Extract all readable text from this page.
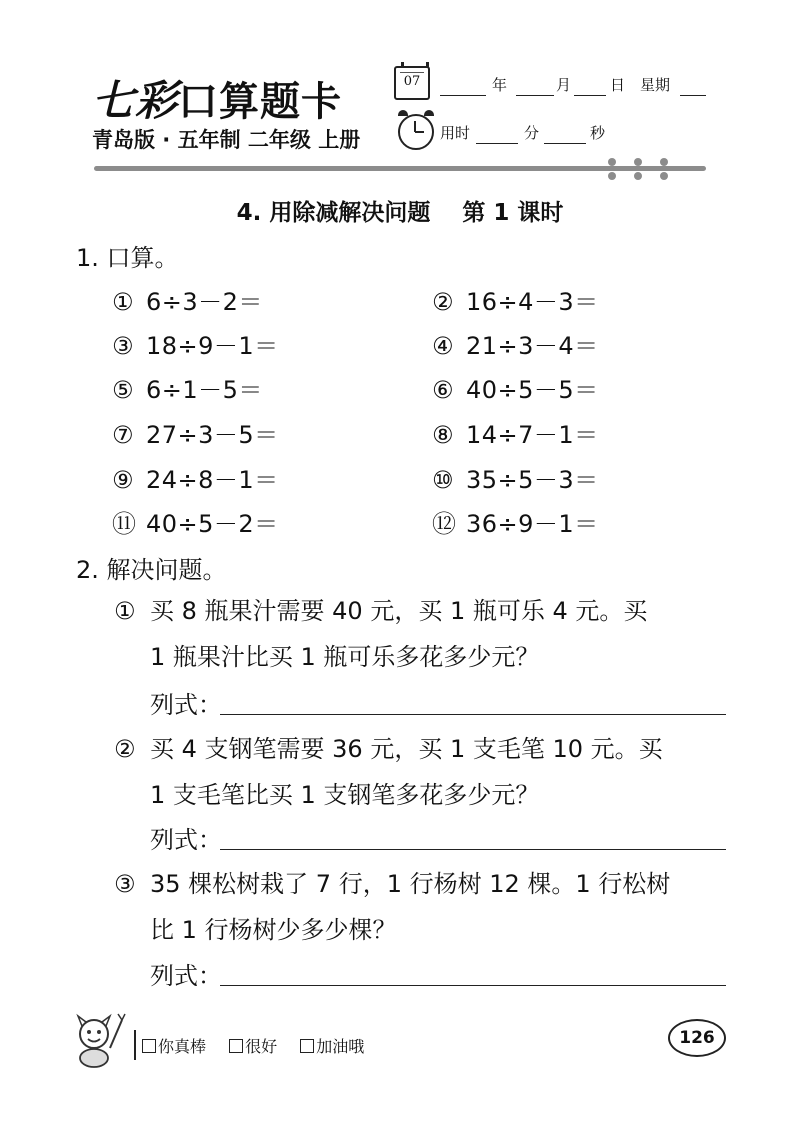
七彩口算题卡
青岛版 · 五年制 二年级 上册
07	年	月	日 星期
用时	分	秒
4. 用除减解决问题    第 1 课时
1. 口算。
① 6÷3－2＝	② 16÷4－3＝
③ 18÷9－1＝	④ 21÷3－4＝
⑤ 6÷1－5＝	⑥ 40÷5－5＝
⑦ 27÷3－5＝	⑧ 14÷7－1＝
⑨ 24÷8－1＝	⑩ 35÷5－3＝
⑪ 40÷5－2＝	⑫ 36÷9－1＝
2. 解决问题。
① 买 8 瓶果汁需要 40 元，买 1 瓶可乐 4 元。买
1 瓶果汁比买 1 瓶可乐多花多少元？
列式：
② 买 4 支钢笔需要 36 元，买 1 支毛笔 10 元。买
1 支毛笔比买 1 支钢笔多花多少元？
列式：
③ 35 棵松树栽了 7 行，1 行杨树 12 棵。1 行松树
比 1 行杨树少多少棵？
列式：
你真棒 很好 加油哦	126
